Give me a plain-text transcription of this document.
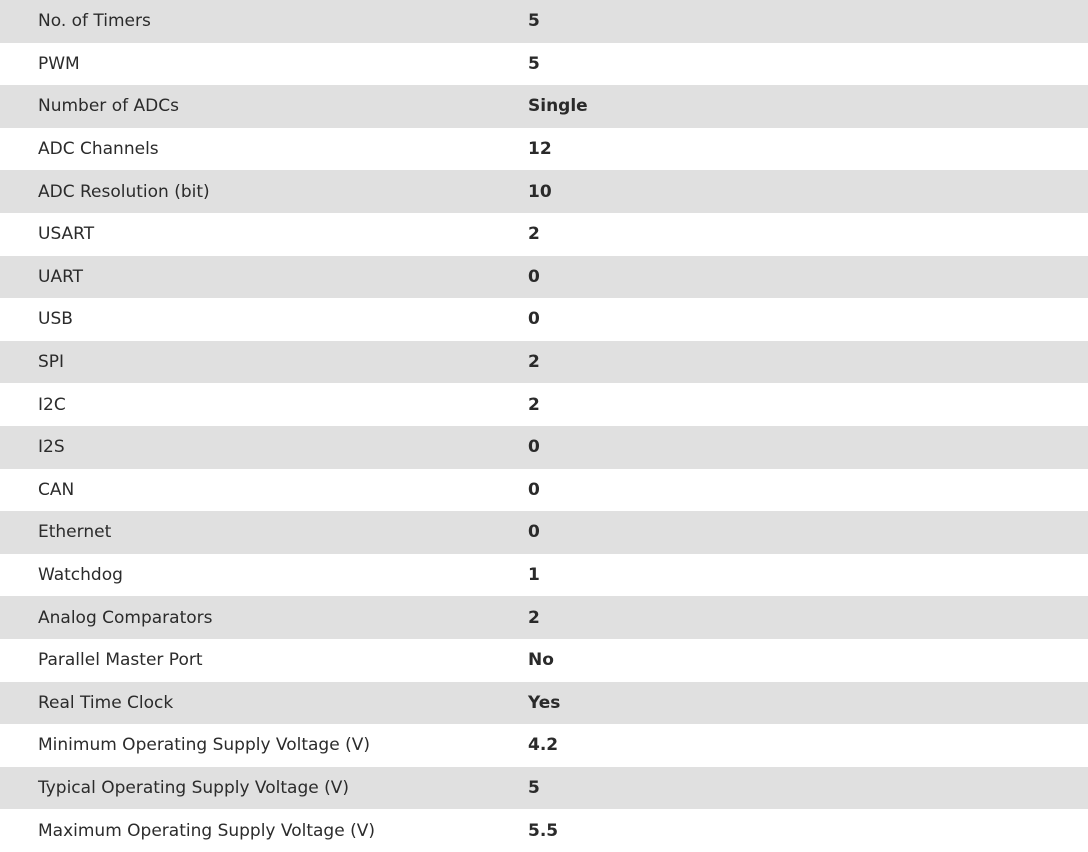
No. of Timers	5
PWM	5
Number of ADCs	Single
ADC Channels	12
ADC Resolution (bit)	10
USART	2
UART	0
USB	0
SPI	2
I2C	2
I2S	0
CAN	0
Ethernet	0
Watchdog	1
Analog Comparators	2
Parallel Master Port	No
Real Time Clock	Yes
Minimum Operating Supply Voltage (V)	4.2
Typical Operating Supply Voltage (V)	5
Maximum Operating Supply Voltage (V)	5.5
